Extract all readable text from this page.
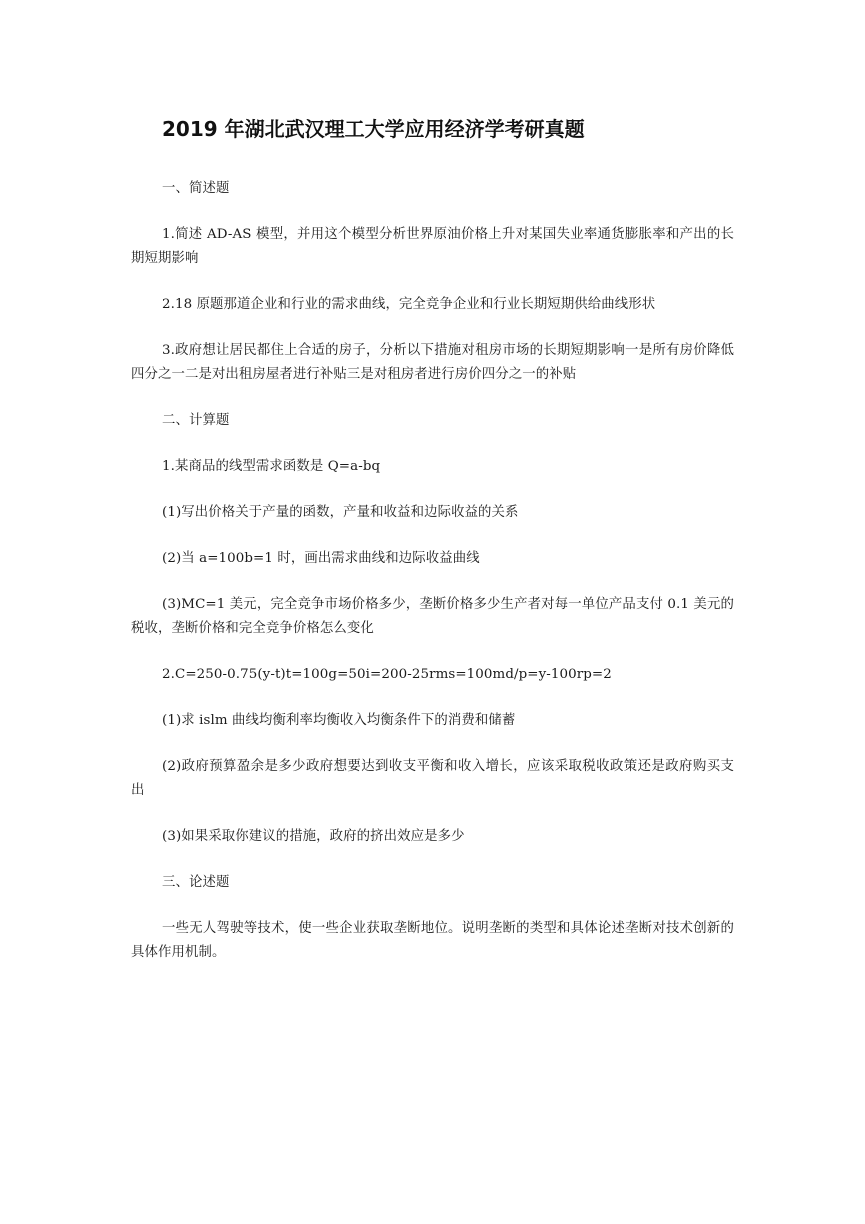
2019 年湖北武汉理工大学应用经济学考研真题

一、简述题

1.简述 AD-AS 模型，并用这个模型分析世界原油价格上升对某国失业率通货膨胀率和产出的长期短期影响

2.18 原题那道企业和行业的需求曲线，完全竞争企业和行业长期短期供给曲线形状

3.政府想让居民都住上合适的房子，分析以下措施对租房市场的长期短期影响一是所有房价降低四分之一二是对出租房屋者进行补贴三是对租房者进行房价四分之一的补贴

二、计算题

1.某商品的线型需求函数是 Q=a-bq

(1)写出价格关于产量的函数，产量和收益和边际收益的关系

(2)当 a=100b=1 时，画出需求曲线和边际收益曲线

(3)MC=1 美元，完全竞争市场价格多少，垄断价格多少生产者对每一单位产品支付 0.1 美元的税收，垄断价格和完全竞争价格怎么变化

2.C=250-0.75(y-t)t=100g=50i=200-25rms=100md/p=y-100rp=2

(1)求 islm 曲线均衡利率均衡收入均衡条件下的消费和储蓄

(2)政府预算盈余是多少政府想要达到收支平衡和收入增长，应该采取税收政策还是政府购买支出

(3)如果采取你建议的措施，政府的挤出效应是多少

三、论述题

一些无人驾驶等技术，使一些企业获取垄断地位。说明垄断的类型和具体论述垄断对技术创新的具体作用机制。
